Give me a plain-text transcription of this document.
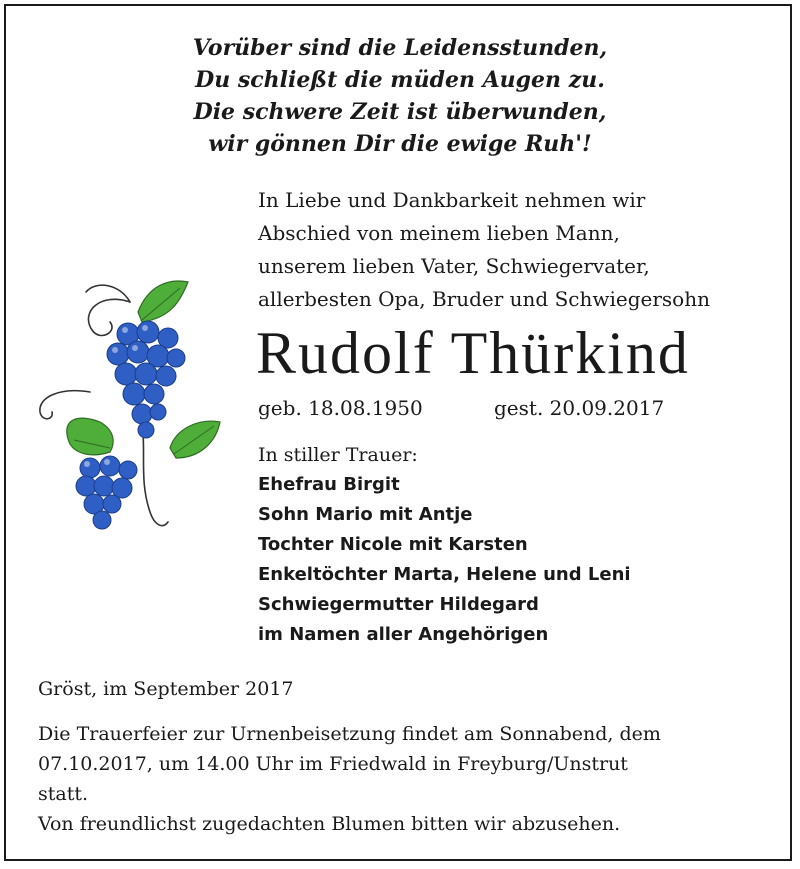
Vorüber sind die Leidensstunden,
Du schließt die müden Augen zu.
Die schwere Zeit ist überwunden,
wir gönnen Dir die ewige Ruh'!
In Liebe und Dankbarkeit nehmen wir
Abschied von meinem lieben Mann,
unserem lieben Vater, Schwiegervater,
allerbesten Opa, Bruder und Schwiegersohn
Rudolf Thürkind
geb. 18.08.1950	gest. 20.09.2017
In stiller Trauer:
Ehefrau Birgit
Sohn Mario mit Antje
Tochter Nicole mit Karsten
Enkeltöchter Marta, Helene und Leni
Schwiegermutter Hildegard
im Namen aller Angehörigen
Gröst, im September 2017
Die Trauerfeier zur Urnenbeisetzung findet am Sonnabend, dem
07.10.2017, um 14.00 Uhr im Friedwald in Freyburg/Unstrut
statt.
Von freundlichst zugedachten Blumen bitten wir abzusehen.
